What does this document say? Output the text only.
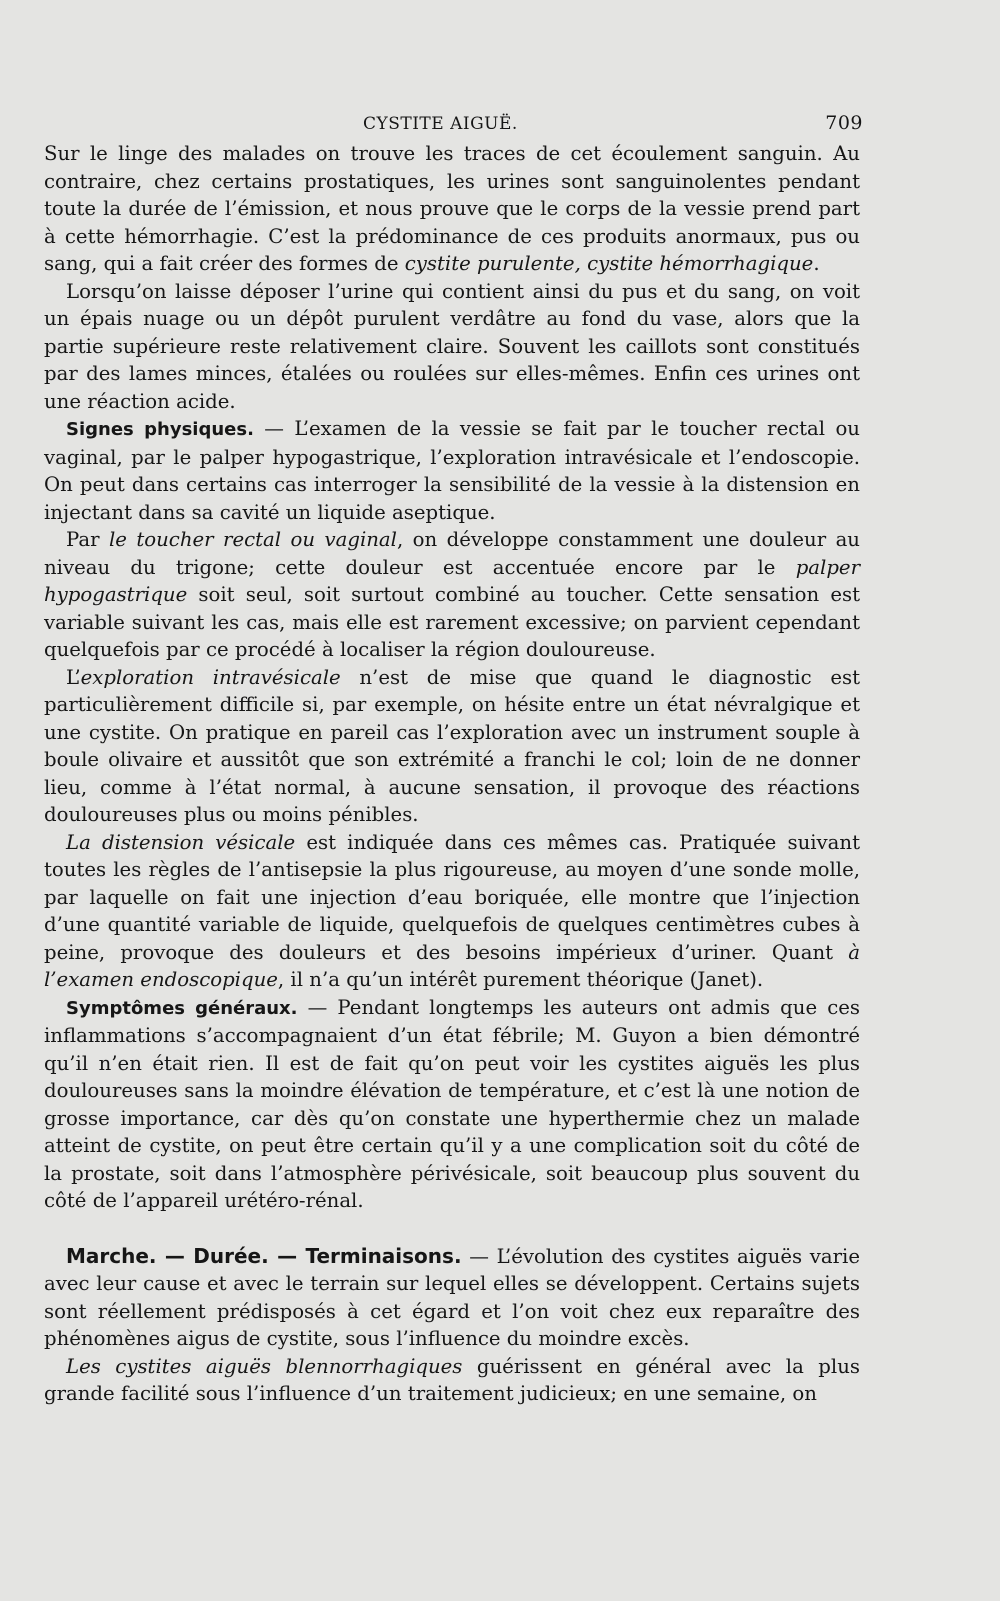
CYSTITE AIGUË.	709

Sur le linge des malades on trouve les traces de cet écoulement sanguin. Au contraire, chez certains prostatiques, les urines sont sanguinolentes pendant toute la durée de l’émission, et nous prouve que le corps de la vessie prend part à cette hémorrhagie. C’est la prédominance de ces produits anormaux, pus ou sang, qui a fait créer des formes de cystite purulente, cystite hémorrhagique.

Lorsqu’on laisse déposer l’urine qui contient ainsi du pus et du sang, on voit un épais nuage ou un dépôt purulent verdâtre au fond du vase, alors que la partie supérieure reste relativement claire. Souvent les caillots sont constitués par des lames minces, étalées ou roulées sur elles-mêmes. Enfin ces urines ont une réaction acide.

Signes physiques. — L’examen de la vessie se fait par le toucher rectal ou vaginal, par le palper hypogastrique, l’exploration intravésicale et l’endoscopie. On peut dans certains cas interroger la sensibilité de la vessie à la distension en injectant dans sa cavité un liquide aseptique.

Par le toucher rectal ou vaginal, on développe constamment une douleur au niveau du trigone; cette douleur est accentuée encore par le palper hypogastrique soit seul, soit surtout combiné au toucher. Cette sensation est variable suivant les cas, mais elle est rarement excessive; on parvient cependant quelquefois par ce procédé à localiser la région douloureuse.

L’exploration intravésicale n’est de mise que quand le diagnostic est particulièrement difficile si, par exemple, on hésite entre un état névralgique et une cystite. On pratique en pareil cas l’exploration avec un instrument souple à boule olivaire et aussitôt que son extrémité a franchi le col; loin de ne donner lieu, comme à l’état normal, à aucune sensation, il provoque des réactions douloureuses plus ou moins pénibles.

La distension vésicale est indiquée dans ces mêmes cas. Pratiquée suivant toutes les règles de l’antisepsie la plus rigoureuse, au moyen d’une sonde molle, par laquelle on fait une injection d’eau boriquée, elle montre que l’injection d’une quantité variable de liquide, quelquefois de quelques centimètres cubes à peine, provoque des douleurs et des besoins impérieux d’uriner. Quant à l’examen endoscopique, il n’a qu’un intérêt purement théorique (Janet).

Symptômes généraux. — Pendant longtemps les auteurs ont admis que ces inflammations s’accompagnaient d’un état fébrile; M. Guyon a bien démontré qu’il n’en était rien. Il est de fait qu’on peut voir les cystites aiguës les plus douloureuses sans la moindre élévation de température, et c’est là une notion de grosse importance, car dès qu’on constate une hyperthermie chez un malade atteint de cystite, on peut être certain qu’il y a une complication soit du côté de la prostate, soit dans l’atmosphère périvésicale, soit beaucoup plus souvent du côté de l’appareil urétéro-rénal.

Marche. — Durée. — Terminaisons. — L’évolution des cystites aiguës varie avec leur cause et avec le terrain sur lequel elles se développent. Certains sujets sont réellement prédisposés à cet égard et l’on voit chez eux reparaître des phénomènes aigus de cystite, sous l’influence du moindre excès.

Les cystites aiguës blennorrhagiques guérissent en général avec la plus grande facilité sous l’influence d’un traitement judicieux; en une semaine, on
